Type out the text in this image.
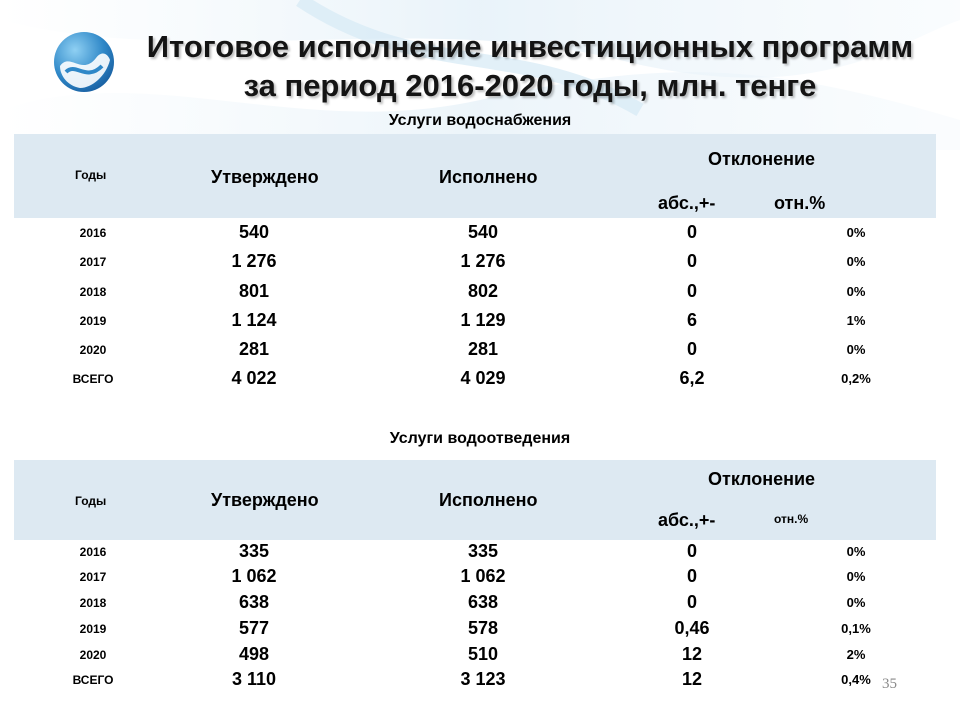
Итоговое исполнение инвестиционных программ
за период 2016-2020 годы, млн. тенге
Услуги водоснабжения
Годы	Утверждено	Исполнено
Отклонение
абс.,+-	отн.%
2016	540	540	0	0%
2017	1 276	1 276	0	0%
2018	801	802	0	0%
2019	1 124	1 129	6	1%
2020	281	281	0	0%
ВСЕГО	4 022	4 029	6,2	0,2%
Услуги водоотведения
Годы	Утверждено	Исполнено
Отклонение
абс.,+-	отн.%
2016	335	335	0	0%
2017	1 062	1 062	0	0%
2018	638	638	0	0%
2019	577	578	0,46	0,1%
2020	498	510	12	2%
ВСЕГО	3 110	3 123	12	0,4% 35
